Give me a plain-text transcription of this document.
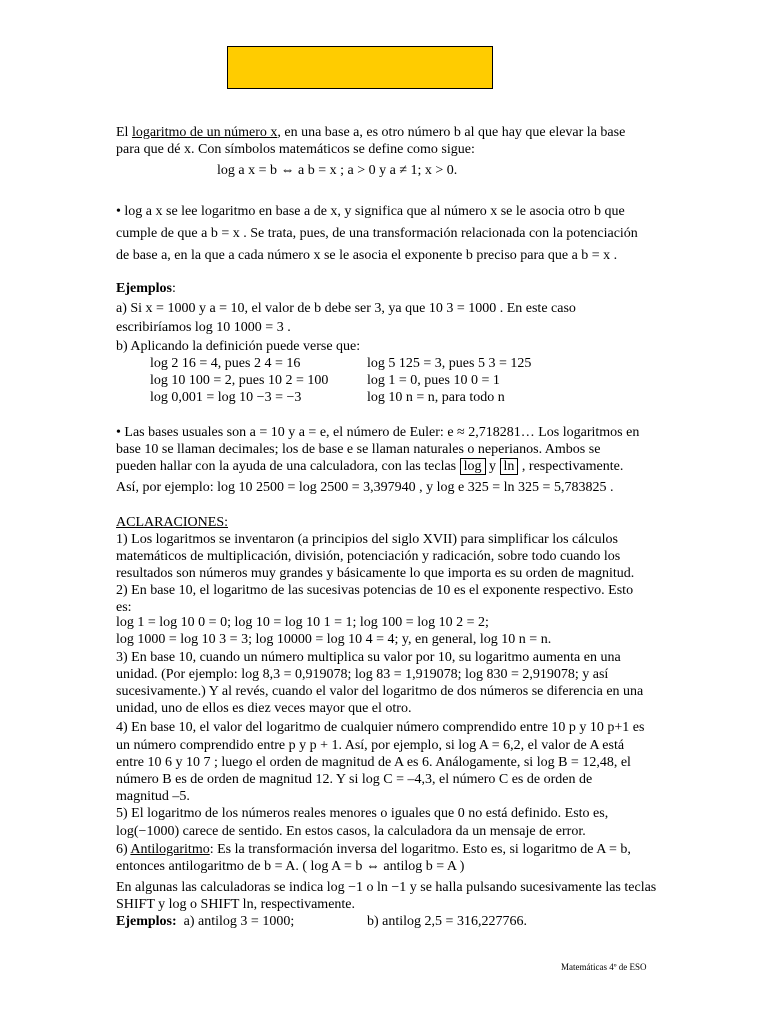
El logaritmo de un número x, en una base a, es otro número b al que hay que elevar la base
para que dé x. Con símbolos matemáticos se define como sigue:
log a x = b ⇔ a b = x ; a > 0 y a ≠ 1; x > 0.
• log a x se lee logaritmo en base a de x, y significa que al número x se le asocia otro b que
cumple de que a b = x . Se trata, pues, de una transformación relacionada con la potenciación
de base a, en la que a cada número x se le asocia el exponente b preciso para que a b = x .
Ejemplos:
a) Si x = 1000 y a = 10, el valor de b debe ser 3, ya que 10 3 = 1000 . En este caso
escribiríamos log 10 1000 = 3 .
b) Aplicando la definición puede verse que:
log 2 16 = 4, pues 2 4 = 16
log 10 100 = 2, pues 10 2 = 100
log 0,001 = log 10 −3 = −3
log 5 125 = 3, pues 5 3 = 125
log 1 = 0, pues 10 0 = 1
log 10 n = n, para todo n
• Las bases usuales son a = 10 y a = e, el número de Euler: e ≈ 2,718281… Los logaritmos en
base 10 se llaman decimales; los de base e se llaman naturales o neperianos. Ambos se
pueden hallar con la ayuda de una calculadora, con las teclas log y ln , respectivamente.
Así, por ejemplo: log 10 2500 = log 2500 = 3,397940 , y log e 325 = ln 325 = 5,783825 .
ACLARACIONES:
1) Los logaritmos se inventaron (a principios del siglo XVII) para simplificar los cálculos
matemáticos de multiplicación, división, potenciación y radicación, sobre todo cuando los
resultados son números muy grandes y básicamente lo que importa es su orden de magnitud.
2) En base 10, el logaritmo de las sucesivas potencias de 10 es el exponente respectivo. Esto
es:
log 1 = log 10 0 = 0; log 10 = log 10 1 = 1; log 100 = log 10 2 = 2;
log 1000 = log 10 3 = 3; log 10000 = log 10 4 = 4; y, en general, log 10 n = n.
3) En base 10, cuando un número multiplica su valor por 10, su logaritmo aumenta en una
unidad. (Por ejemplo: log 8,3 = 0,919078; log 83 = 1,919078; log 830 = 2,919078; y así
sucesivamente.) Y al revés, cuando el valor del logaritmo de dos números se diferencia en una
unidad, uno de ellos es diez veces mayor que el otro.
4) En base 10, el valor del logaritmo de cualquier número comprendido entre 10 p y 10 p+1 es
un número comprendido entre p y p + 1. Así, por ejemplo, si log A = 6,2, el valor de A está
entre 10 6 y 10 7 ; luego el orden de magnitud de A es 6. Análogamente, si log B = 12,48, el
número B es de orden de magnitud 12. Y si log C = –4,3, el número C es de orden de
magnitud –5.
5) El logaritmo de los números reales menores o iguales que 0 no está definido. Esto es,
log(−1000) carece de sentido. En estos casos, la calculadora da un mensaje de error.
6) Antilogaritmo: Es la transformación inversa del logaritmo. Esto es, si logaritmo de A = b,
entonces antilogaritmo de b = A. ( log A = b ⇔ antilog b = A )
En algunas las calculadoras se indica log −1 o ln −1 y se halla pulsando sucesivamente las teclas
SHIFT y log o SHIFT ln, respectivamente.
Ejemplos: a) antilog 3 = 1000;	b) antilog 2,5 = 316,227766.
Matemáticas 4º de ESO
